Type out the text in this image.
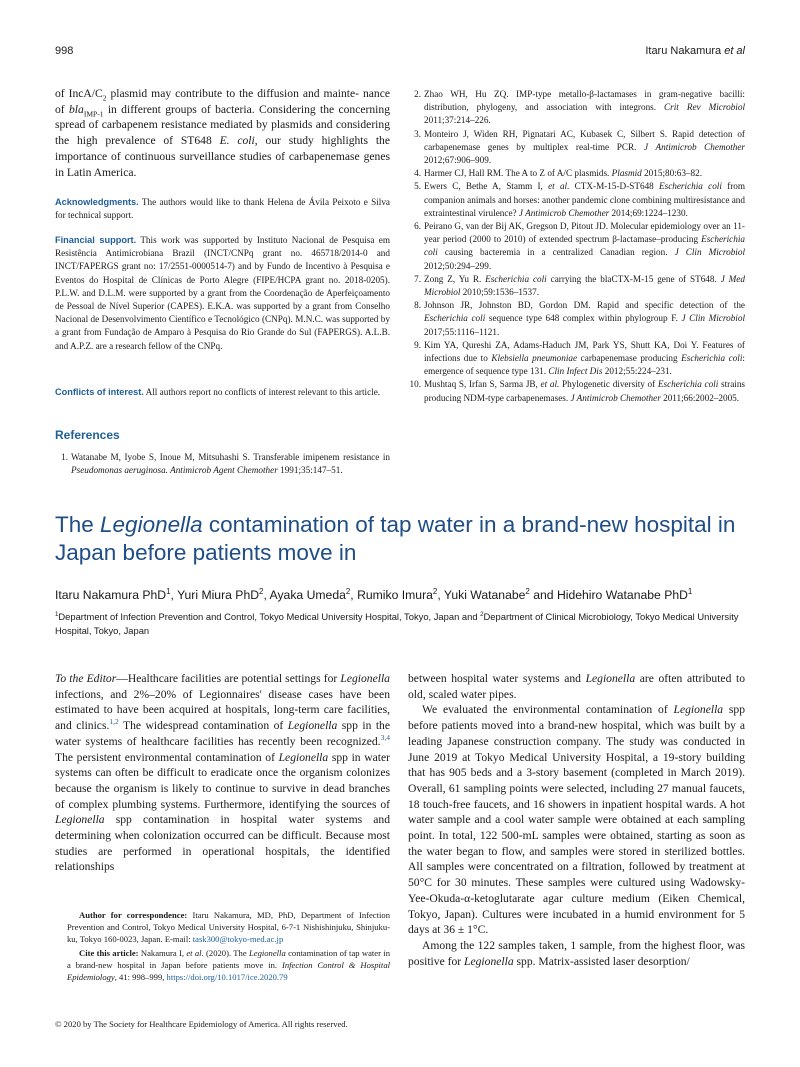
998	Itaru Nakamura et al
of IncA/$C_2$ plasmid may contribute to the diffusion and mainte- nance of bla$_{IMP-1}$ in different groups of bacteria. Considering the concerning spread of carbapenem resistance mediated by plasmids and considering the high prevalence of ST648 E. coli, our study highlights the importance of continuous surveillance studies of carbapenemase genes in Latin America.
Acknowledgments. The authors would like to thank Helena de Ávila Peixoto e Silva for technical support.
Financial support. This work was supported by Instituto Nacional de Pesquisa em Resistência Antimicrobiana Brazil (INCT/CNPq grant no. 465718/2014-0 and INCT/FAPERGS grant no: 17/2551-0000514-7) and by Fundo de Incentivo à Pesquisa e Eventos do Hospital de Clínicas de Porto Alegre (FIPE/HCPA grant no. 2018-0205). P.L.W. and D.L.M. were supported by a grant from the Coordenação de Aperfeiçoamento de Pessoal de Nível Superior (CAPES). E.K.A. was supported by a grant from Conselho Nacional de Desenvolvimento Científico e Tecnológico (CNPq). M.N.C. was supported by a grant from Fundação de Amparo à Pesquisa do Rio Grande do Sul (FAPERGS). A.L.B. and A.P.Z. are a research fellow of the CNPq.
Conflicts of interest. All authors report no conflicts of interest relevant to this article.
References
1. Watanabe M, Iyobe S, Inoue M, Mitsuhashi S. Transferable imipenem resistance in Pseudomonas aeruginosa. Antimicrob Agent Chemother 1991;35:147–51.
2. Zhao WH, Hu ZQ. IMP-type metallo-β-lactamases in gram-negative bacilli: distribution, phylogeny, and association with integrons. Crit Rev Microbiol 2011;37:214–226.
3. Monteiro J, Widen RH, Pignatari AC, Kubasek C, Silbert S. Rapid detection of carbapenemase genes by multiplex real-time PCR. J Antimicrob Chemother 2012;67:906–909.
4. Harmer CJ, Hall RM. The A to Z of A/C plasmids. Plasmid 2015;80:63–82.
5. Ewers C, Bethe A, Stamm I, et al. CTX-M-15-D-ST648 Escherichia coli from companion animals and horses: another pandemic clone combining multiresistance and extraintestinal virulence? J Antimicrob Chemother 2014;69:1224–1230.
6. Peirano G, van der Bij AK, Gregson D, Pitout JD. Molecular epidemiology over an 11-year period (2000 to 2010) of extended spectrum β-lactamase–producing Escherichia coli causing bacteremia in a centralized Canadian region. J Clin Microbiol 2012;50:294–299.
7. Zong Z, Yu R. Escherichia coli carrying the blaCTX-M-15 gene of ST648. J Med Microbiol 2010;59:1536–1537.
8. Johnson JR, Johnston BD, Gordon DM. Rapid and specific detection of the Escherichia coli sequence type 648 complex within phylogroup F. J Clin Microbiol 2017;55:1116–1121.
9. Kim YA, Qureshi ZA, Adams-Haduch JM, Park YS, Shutt KA, Doi Y. Features of infections due to Klebsiella pneumoniae carbapenemase producing Escherichia coli: emergence of sequence type 131. Clin Infect Dis 2012;55:224–231.
10. Mushtaq S, Irfan S, Sarma JB, et al. Phylogenetic diversity of Escherichia coli strains producing NDM-type carbapenemases. J Antimicrob Chemother 2011;66:2002–2005.
The Legionella contamination of tap water in a brand-new hospital in Japan before patients move in
Itaru Nakamura PhD$^1$, Yuri Miura PhD$^2$, Ayaka Umeda$^2$, Rumiko Imura$^2$, Yuki Watanabe$^2$ and Hidehiro Watanabe PhD$^1$
$^1$Department of Infection Prevention and Control, Tokyo Medical University Hospital, Tokyo, Japan and $^2$Department of Clinical Microbiology, Tokyo Medical University Hospital, Tokyo, Japan
To the Editor—Healthcare facilities are potential settings for Legionella infections, and 2%–20% of Legionnaires' disease cases have been estimated to have been acquired at hospitals, long-term care facilities, and clinics.$^{1,2}$ The widespread contamination of Legionella spp in the water systems of healthcare facilities has recently been recognized.$^{3,4}$ The persistent environmental contamination of Legionella spp in water systems can often be difficult to eradicate once the organism colonizes because the organism is likely to continue to survive in dead branches of complex plumbing systems. Furthermore, identifying the sources of Legionella spp contamination in hospital water systems and determining when colonization occurred can be difficult. Because most studies are performed in operational hospitals, the identified relationships

between hospital water systems and Legionella are often attributed to old, scaled water pipes.

We evaluated the environmental contamination of Legionella spp before patients moved into a brand-new hospital, which was built by a leading Japanese construction company. The study was conducted in June 2019 at Tokyo Medical University Hospital, a 19-story building that has 905 beds and a 3-story basement (completed in March 2019). Overall, 61 sampling points were selected, including 27 manual faucets, 18 touch-free faucets, and 16 showers in inpatient hospital wards. A hot water sample and a cool water sample were obtained at each sampling point. In total, 122 500-mL samples were obtained, starting as soon as the water began to flow, and samples were stored in sterilized bottles. All samples were concentrated on a filtration, followed by treatment at 50°C for 30 minutes. These samples were cultured using Wadowsky-Yee-Okuda-α-ketoglutarate agar culture medium (Eiken Chemical, Tokyo, Japan). Cultures were incubated in a humid environment for 5 days at 36 ± 1°C.

Among the 122 samples taken, 1 sample, from the highest floor, was positive for Legionella spp. Matrix-assisted laser desorption/

Author for correspondence: Itaru Nakamura, MD, PhD, Department of Infection Prevention and Control, Tokyo Medical University Hospital, 6-7-1 Nishishinjuku, Shinjuku-ku, Tokyo 160-0023, Japan. E-mail: task300@tokyo-med.ac.jp
Cite this article: Nakamura I, et al. (2020). The Legionella contamination of tap water in a brand-new hospital in Japan before patients move in. Infection Control & Hospital Epidemiology, 41: 998–999, https://doi.org/10.1017/ice.2020.79
© 2020 by The Society for Healthcare Epidemiology of America. All rights reserved.
